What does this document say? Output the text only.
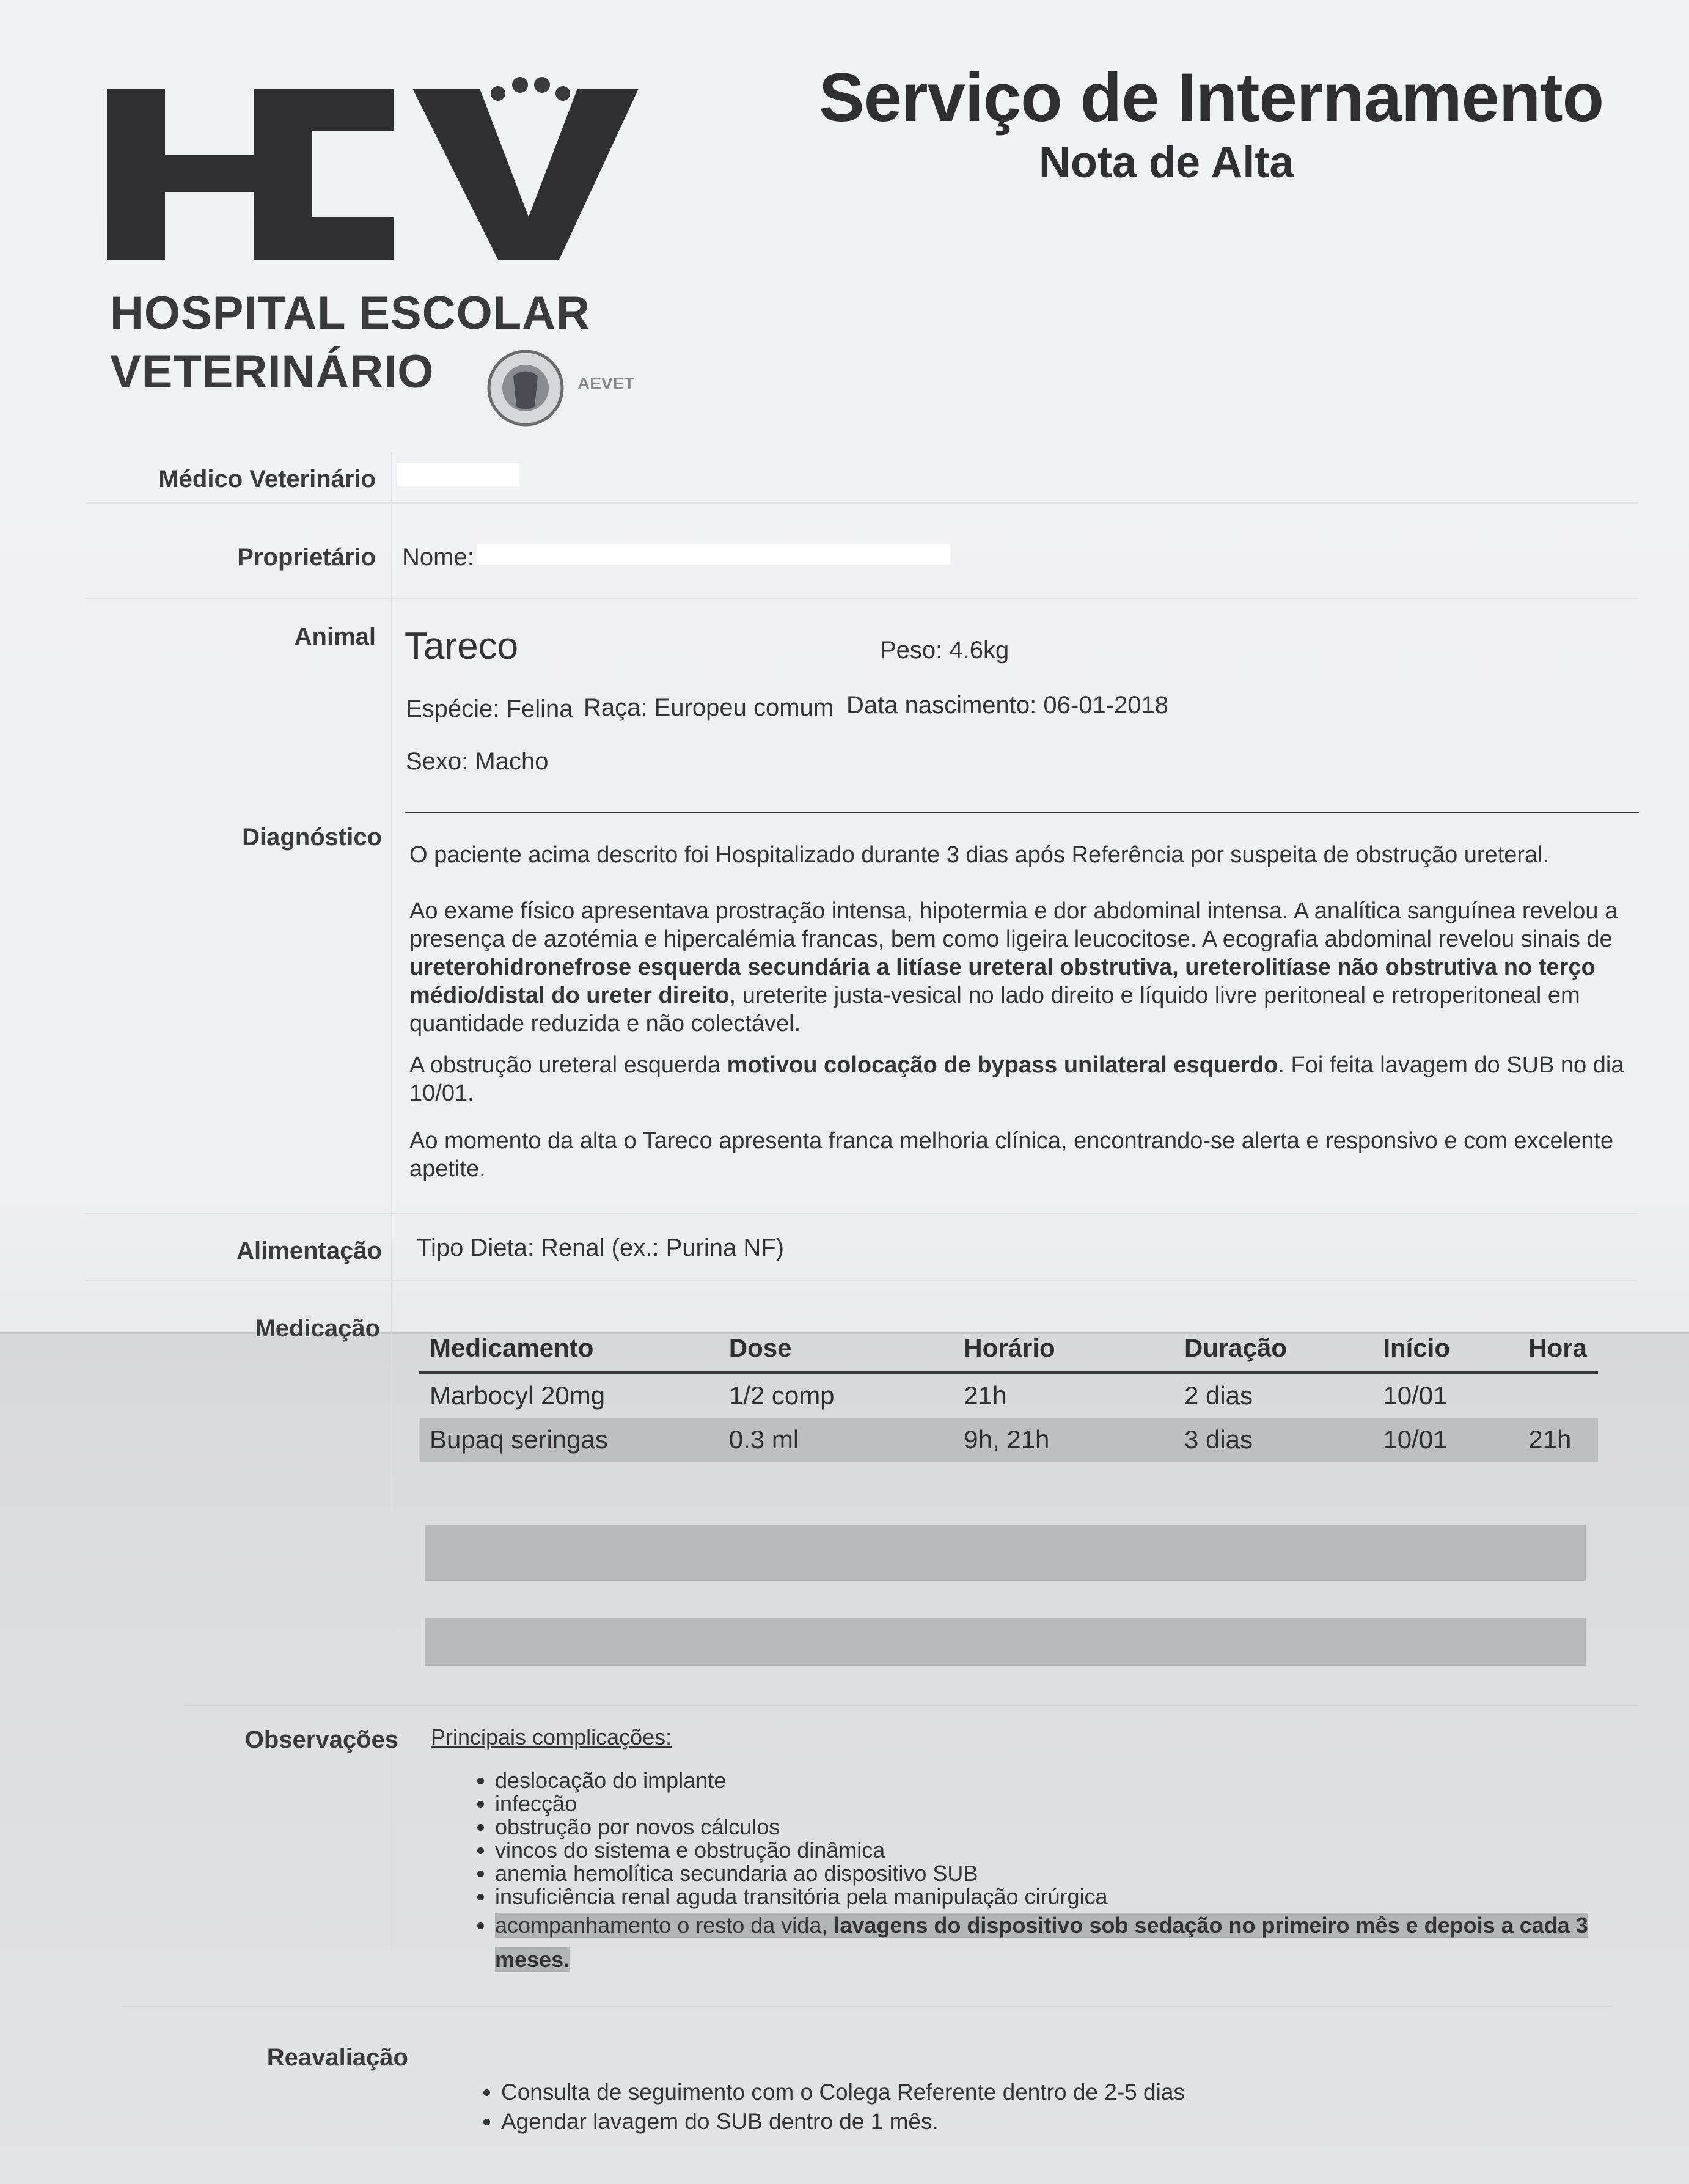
HOSPITAL ESCOLAR
VETERINÁRIO	AEVET
Serviço de Internamento
Nota de Alta
Médico Veterinário
Proprietário Nome:
Animal Tareco	Peso: 4.6kg
Espécie: Felina Raça: Europeu comum Data nascimento: 06-01-2018
Sexo: Macho
Diagnóstico
O paciente acima descrito foi Hospitalizado durante 3 dias após Referência por suspeita de obstrução ureteral.
Ao exame físico apresentava prostração intensa, hipotermia e dor abdominal intensa. A analítica sanguínea revelou a presença de azotémia e hipercalémia francas, bem como ligeira leucocitose. A ecografia abdominal revelou sinais de ureterohidronefrose esquerda secundária a litíase ureteral obstrutiva, ureterolitíase não obstrutiva no terço médio/distal do ureter direito, ureterite justa-vesical no lado direito e líquido livre peritoneal e retroperitoneal em quantidade reduzida e não colectável.
A obstrução ureteral esquerda motivou colocação de bypass unilateral esquerdo. Foi feita lavagem do SUB no dia 10/01.
Ao momento da alta o Tareco apresenta franca melhoria clínica, encontrando-se alerta e responsivo e com excelente apetite.
Alimentação Tipo Dieta: Renal (ex.: Purina NF)
Medicação
Medicamento	Dose	Horário	Duração	Início	Hora
Marbocyl 20mg	1/2 comp	21h	2 dias	10/01	
Bupaq seringas	0.3 ml	9h, 21h	3 dias	10/01	21h
Observações Principais complicações:
• deslocação do implante
• infecção
• obstrução por novos cálculos
• vincos do sistema e obstrução dinâmica
• anemia hemolítica secundaria ao dispositivo SUB
• insuficiência renal aguda transitória pela manipulação cirúrgica
• acompanhamento o resto da vida, lavagens do dispositivo sob sedação no primeiro mês e depois a cada 3 meses.
Reavaliação
• Consulta de seguimento com o Colega Referente dentro de 2-5 dias
• Agendar lavagem do SUB dentro de 1 mês.
